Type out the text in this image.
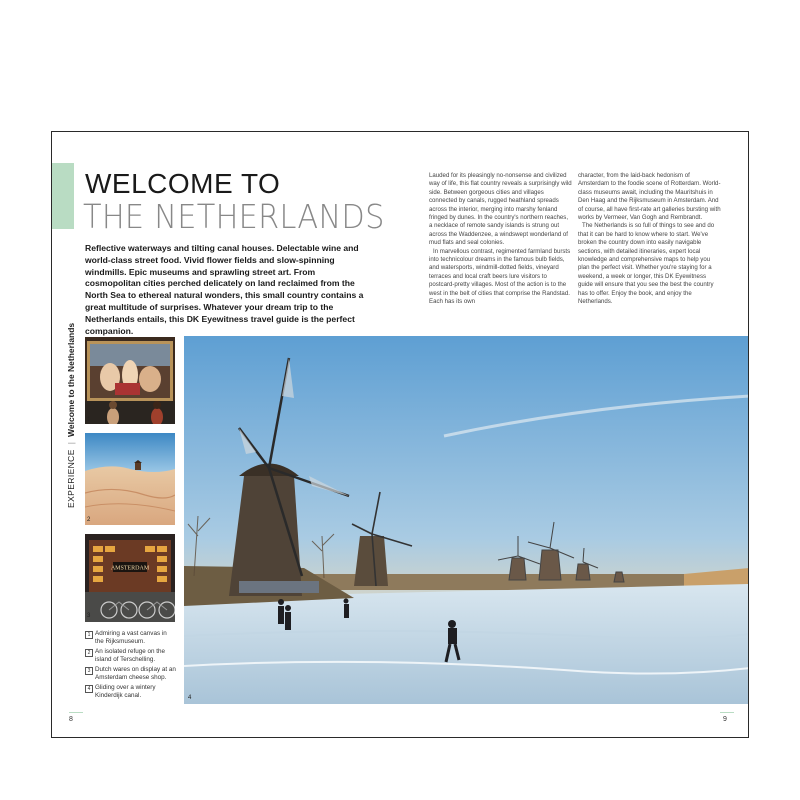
EXPERIENCE|Welcome to the Netherlands
WELCOME TO
THE NETHERLANDS
Reflective waterways and tilting canal houses. Delectable wine and world-class street food. Vivid flower fields and slow-spinning windmills. Epic museums and sprawling street art. From cosmopolitan cities perched delicately on land reclaimed from the North Sea to ethereal natural wonders, this small country contains a great multitude of surprises. Whatever your dream trip to the Netherlands entails, this DK Eyewitness travel guide is the perfect companion.

Lauded for its pleasingly no-nonsense and civilized way of life, this flat country reveals a surprisingly wild side. Between gorgeous cities and villages connected by canals, rugged heathland spreads across the interior, merging into marshy fenland fringed by dunes. In the country's northern reaches, a necklace of remote sandy islands is strung out across the Waddenzee, a windswept wonderland of mud flats and seal colonies.

In marvellous contrast, regimented farmland bursts into technicolour dreams in the famous bulb fields, and watersports, windmill-dotted fields, vineyard terraces and local craft beers lure visitors to postcard-pretty villages. Most of the action is to the west in the belt of cities that comprise the Randstad. Each has its own

character, from the laid-back hedonism of Amsterdam to the foodie scene of Rotterdam. World-class museums await, including the Mauritshuis in Den Haag and the Rijksmuseum in Amsterdam. And of course, all have first-rate art galleries bursting with works by Vermeer, Van Gogh and Rembrandt.

The Netherlands is so full of things to see and do that it can be hard to know where to start. We've broken the country down into easily navigable sections, with detailed itineraries, expert local knowledge and comprehensive maps to help you plan the perfect visit. Whether you're staying for a weekend, a week or longer, this DK Eyewitness guide will ensure that you see the best the country has to offer. Enjoy the book, and enjoy the Netherlands.

1
2
AMSTERDAM
3
1 Admiring a vast canvas in the Rijksmuseum.
2 An isolated refuge on the island of Terschelling.
3 Dutch wares on display at an Amsterdam cheese shop.
4 Gliding over a wintery Kinderdijk canal.	4
8	9
